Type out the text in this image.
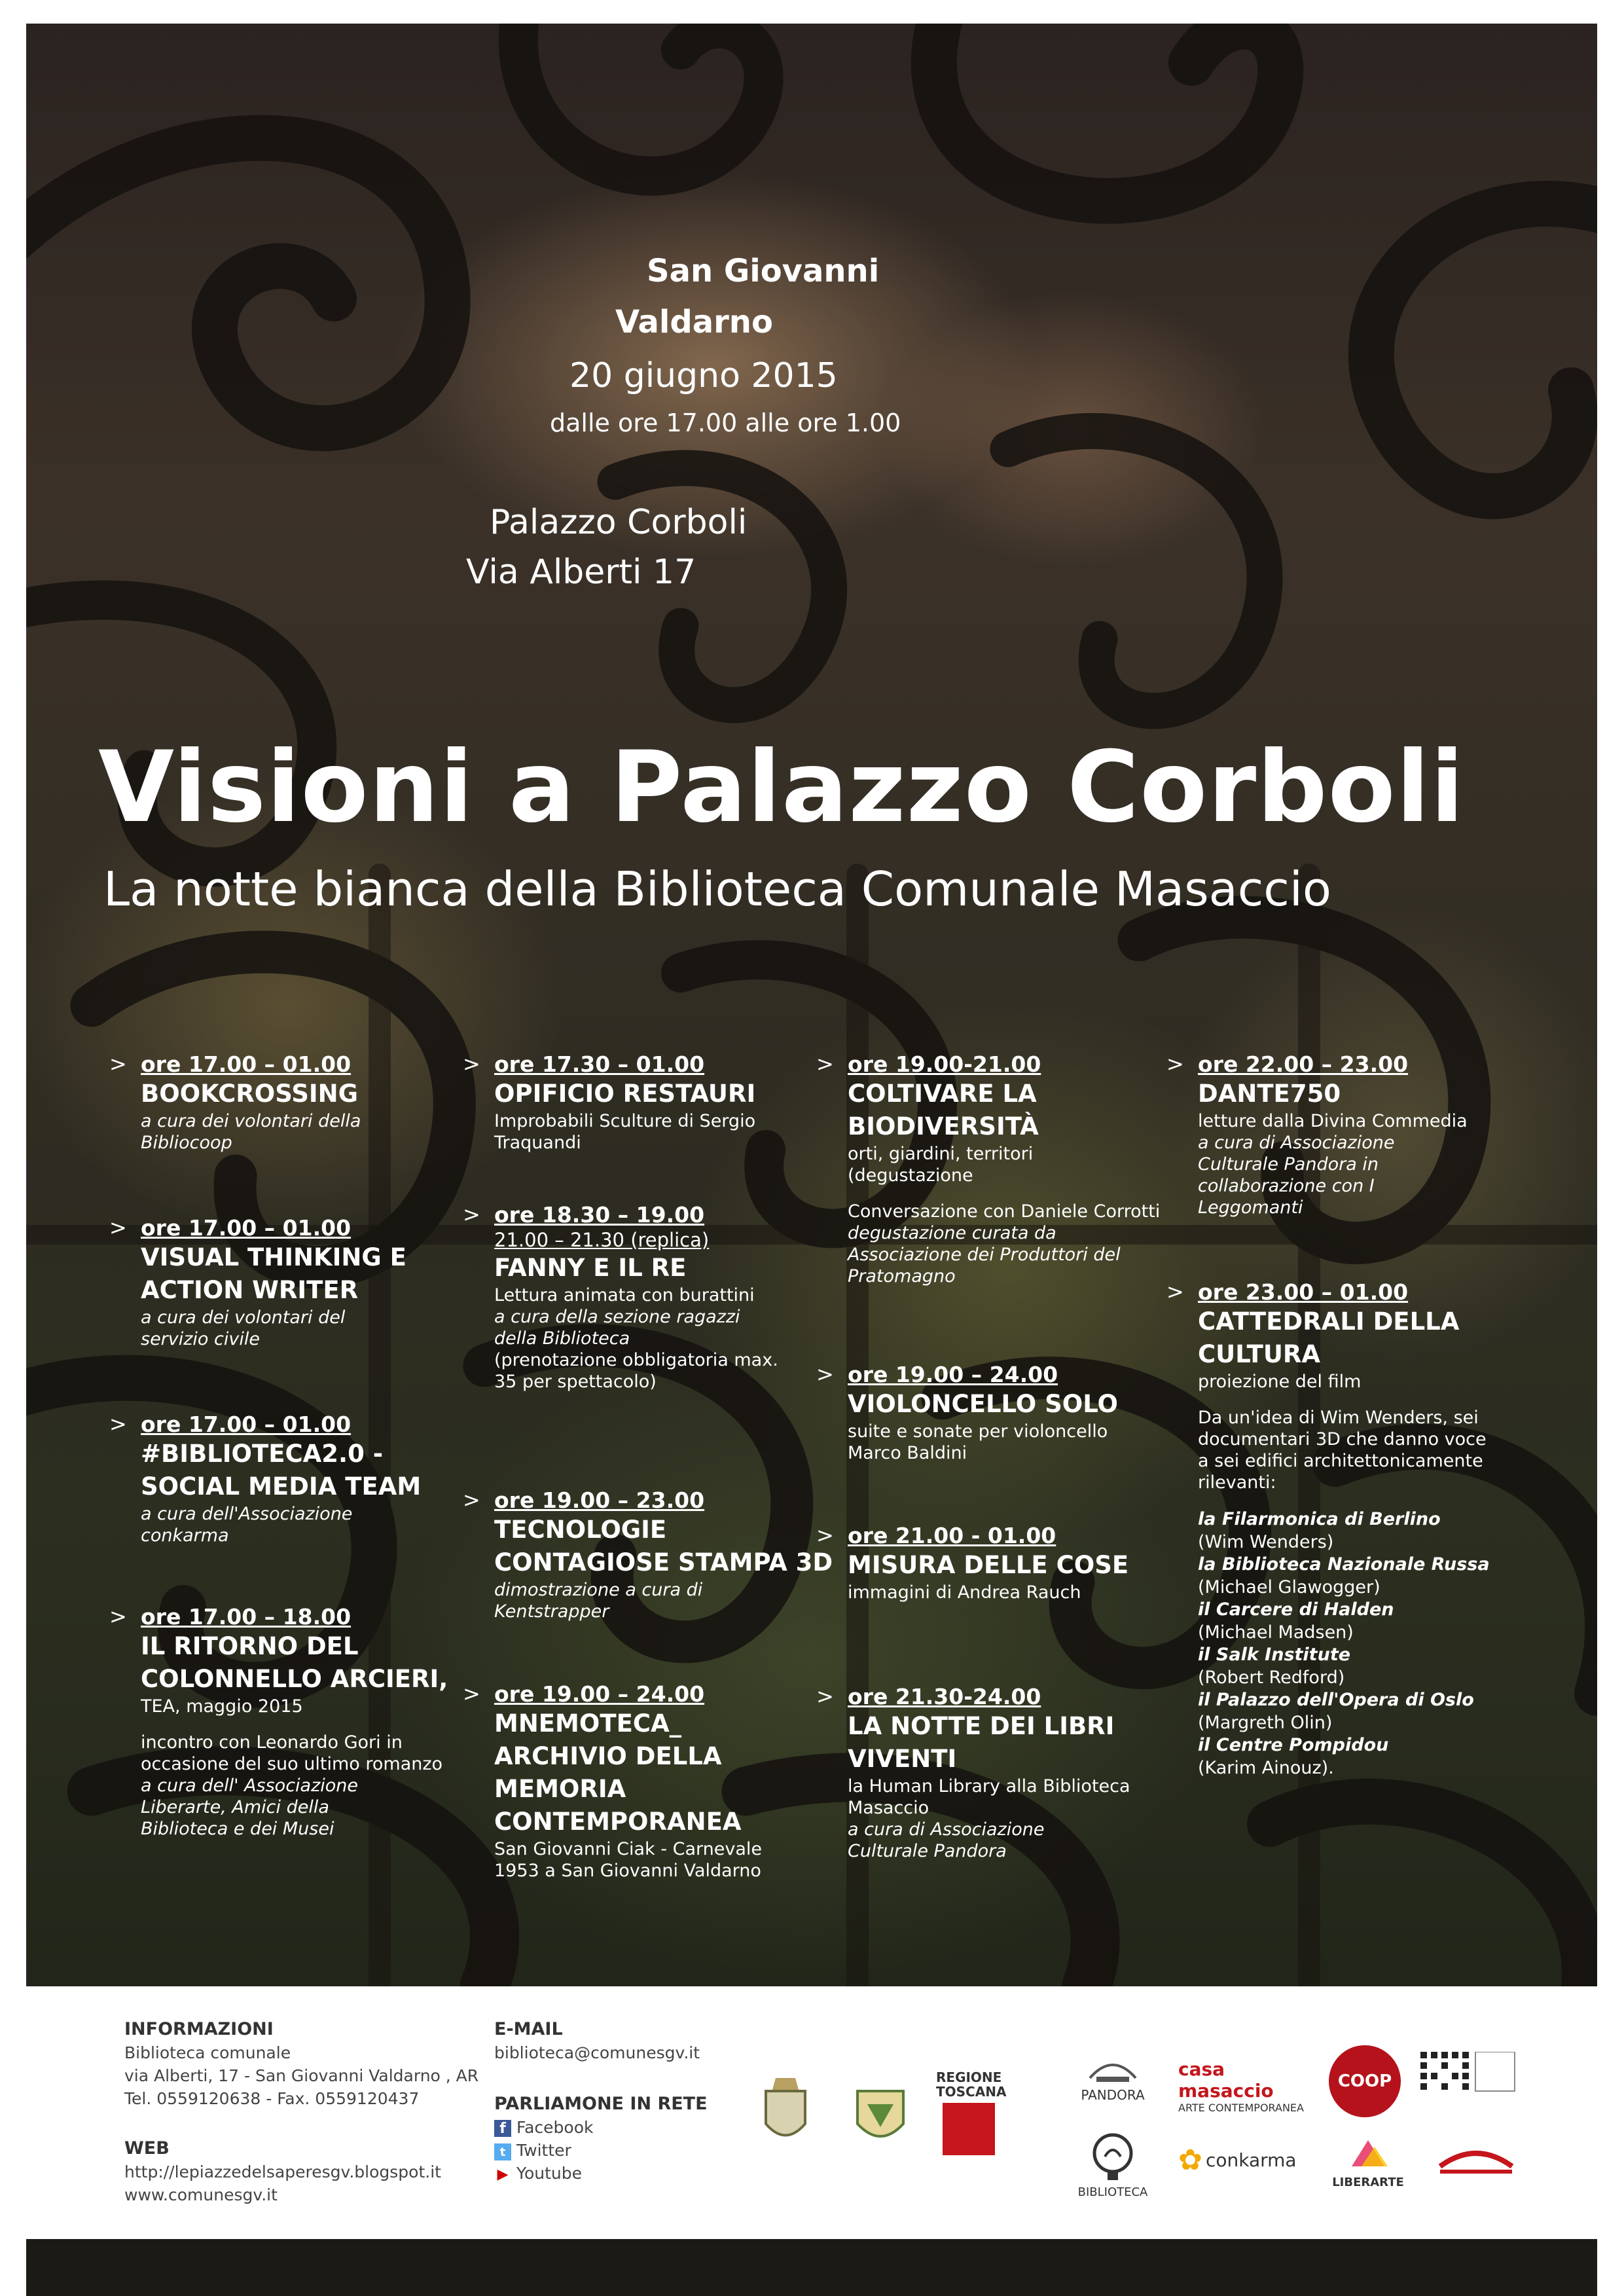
San Giovanni
Valdarno
20 giugno 2015
dalle ore 17.00 alle ore 1.00
Palazzo Corboli
Via Alberti 17
Visioni a Palazzo Corboli
La notte bianca della Biblioteca Comunale Masaccio
> ore 17.00 – 01.00
BOOKCROSSING
a cura dei volontari della
Bibliocoop
> ore 17.00 – 01.00
VISUAL THINKING E
ACTION WRITER
a cura dei volontari del
servizio civile
> ore 17.00 – 01.00
#BIBLIOTECA2.0 -
SOCIAL MEDIA TEAM
a cura dell'Associazione
conkarma
> ore 17.00 – 18.00
IL RITORNO DEL
COLONNELLO ARCIERI,
TEA, maggio 2015
incontro con Leonardo Gori in
occasione del suo ultimo romanzo
a cura dell' Associazione
Liberarte, Amici della
Biblioteca e dei Musei
> ore 17.30 – 01.00
OPIFICIO RESTAURI
Improbabili Sculture di Sergio
Traquandi
> ore 18.30 – 19.00
21.00 – 21.30 (replica)
FANNY E IL RE
Lettura animata con burattini
a cura della sezione ragazzi
della Biblioteca
(prenotazione obbligatoria max.
35 per spettacolo)
> ore 19.00 – 23.00
TECNOLOGIE
CONTAGIOSE STAMPA 3D
dimostrazione a cura di
Kentstrapper
> ore 19.00 – 24.00
MNEMOTECA_
ARCHIVIO DELLA
MEMORIA
CONTEMPORANEA
San Giovanni Ciak - Carnevale
1953 a San Giovanni Valdarno
> ore 19.00-21.00
COLTIVARE LA
BIODIVERSITÀ
orti, giardini, territori
(degustazione
Conversazione con Daniele Corrotti
degustazione curata da
Associazione dei Produttori del
Pratomagno
> ore 19.00 – 24.00
VIOLONCELLO SOLO
suite e sonate per violoncello
Marco Baldini
> ore 21.00 - 01.00
MISURA DELLE COSE
immagini di Andrea Rauch
> ore 21.30-24.00
LA NOTTE DEI LIBRI
VIVENTI
la Human Library alla Biblioteca
Masaccio
a cura di Associazione
Culturale Pandora
> ore 22.00 – 23.00
DANTE750
letture dalla Divina Commedia
a cura di Associazione
Culturale Pandora in
collaborazione con I
Leggomanti
> ore 23.00 – 01.00
CATTEDRALI DELLA
CULTURA
proiezione del film
Da un'idea di Wim Wenders, sei
documentari 3D che danno voce
a sei edifici architettonicamente
rilevanti:
la Filarmonica di Berlino
(Wim Wenders)
la Biblioteca Nazionale Russa
(Michael Glawogger)
il Carcere di Halden
(Michael Madsen)
il Salk Institute
(Robert Redford)
il Palazzo dell'Opera di Oslo
(Margreth Olin)
il Centre Pompidou
(Karim Ainouz).
INFORMAZIONI
Biblioteca comunale
via Alberti, 17 - San Giovanni Valdarno , AR
Tel. 0559120638 - Fax. 0559120437
WEB
http://lepiazzedelsaperesgv.blogspot.it
www.comunesgv.it
E-MAIL
biblioteca@comunesgv.it
PARLIAMONE IN RETE
f Facebook
t Twitter
▶ Youtube
REGIONE TOSCANA	PANDORA
casa masaccio
ARTE CONTEMPORANEA
COOP
BIBLIOTECA
✿ conkarma
LIBERARTE
